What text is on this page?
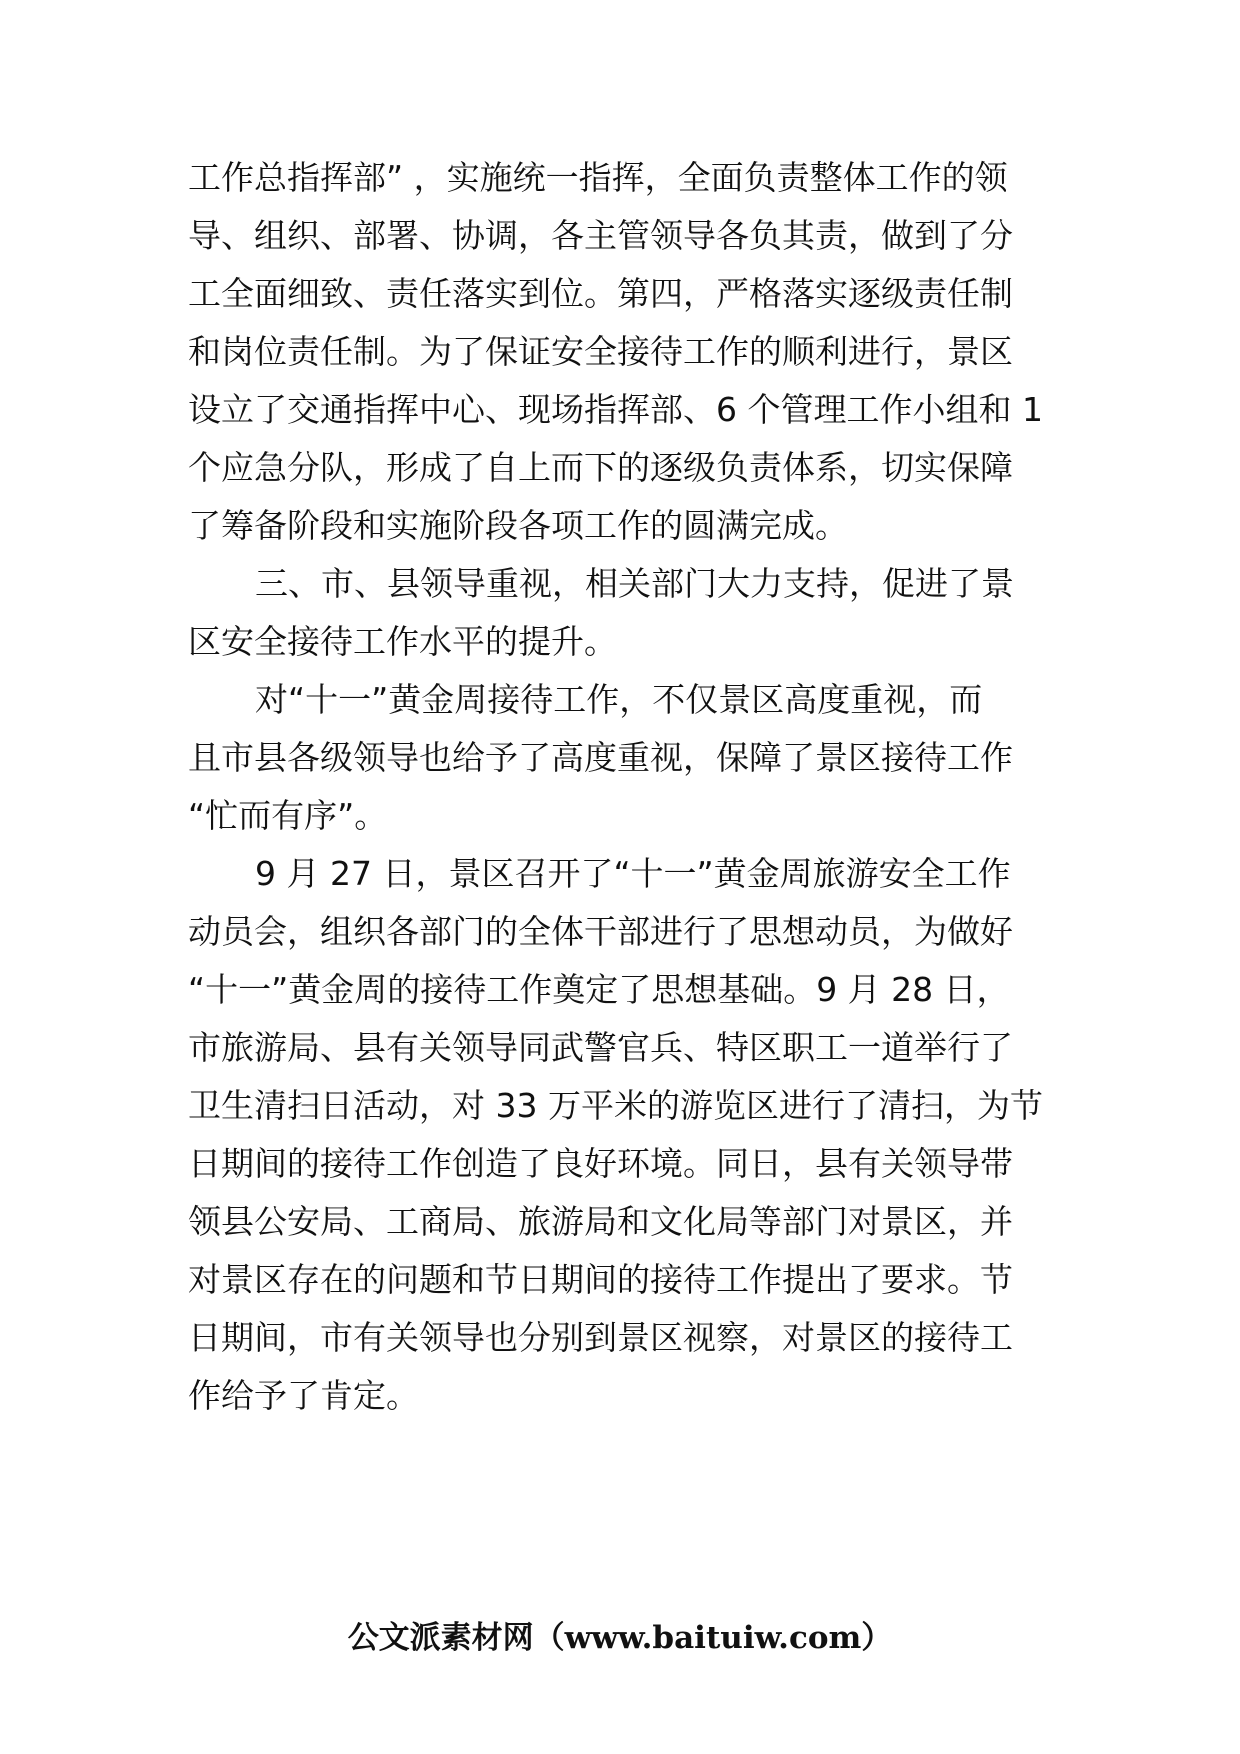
工作总指挥部” ，实施统一指挥，全面负责整体工作的领
导、组织、部署、协调，各主管领导各负其责，做到了分
工全面细致、责任落实到位。第四，严格落实逐级责任制
和岗位责任制。为了保证安全接待工作的顺利进行，景区
设立了交通指挥中心、现场指挥部、6 个管理工作小组和 1
个应急分队，形成了自上而下的逐级负责体系，切实保障
了筹备阶段和实施阶段各项工作的圆满完成。
三、市、县领导重视，相关部门大力支持，促进了景
区安全接待工作水平的提升。
对“十一”黄金周接待工作，不仅景区高度重视，而
且市县各级领导也给予了高度重视，保障了景区接待工作
“忙而有序”。
9 月 27 日，景区召开了“十一”黄金周旅游安全工作
动员会，组织各部门的全体干部进行了思想动员，为做好
“十一”黄金周的接待工作奠定了思想基础。9 月 28 日，
市旅游局、县有关领导同武警官兵、特区职工一道举行了
卫生清扫日活动，对 33 万平米的游览区进行了清扫，为节
日期间的接待工作创造了良好环境。同日，县有关领导带
领县公安局、工商局、旅游局和文化局等部门对景区，并
对景区存在的问题和节日期间的接待工作提出了要求。节
日期间，市有关领导也分别到景区视察，对景区的接待工
作给予了肯定。
公文派素材网（www.baituiw.com）
